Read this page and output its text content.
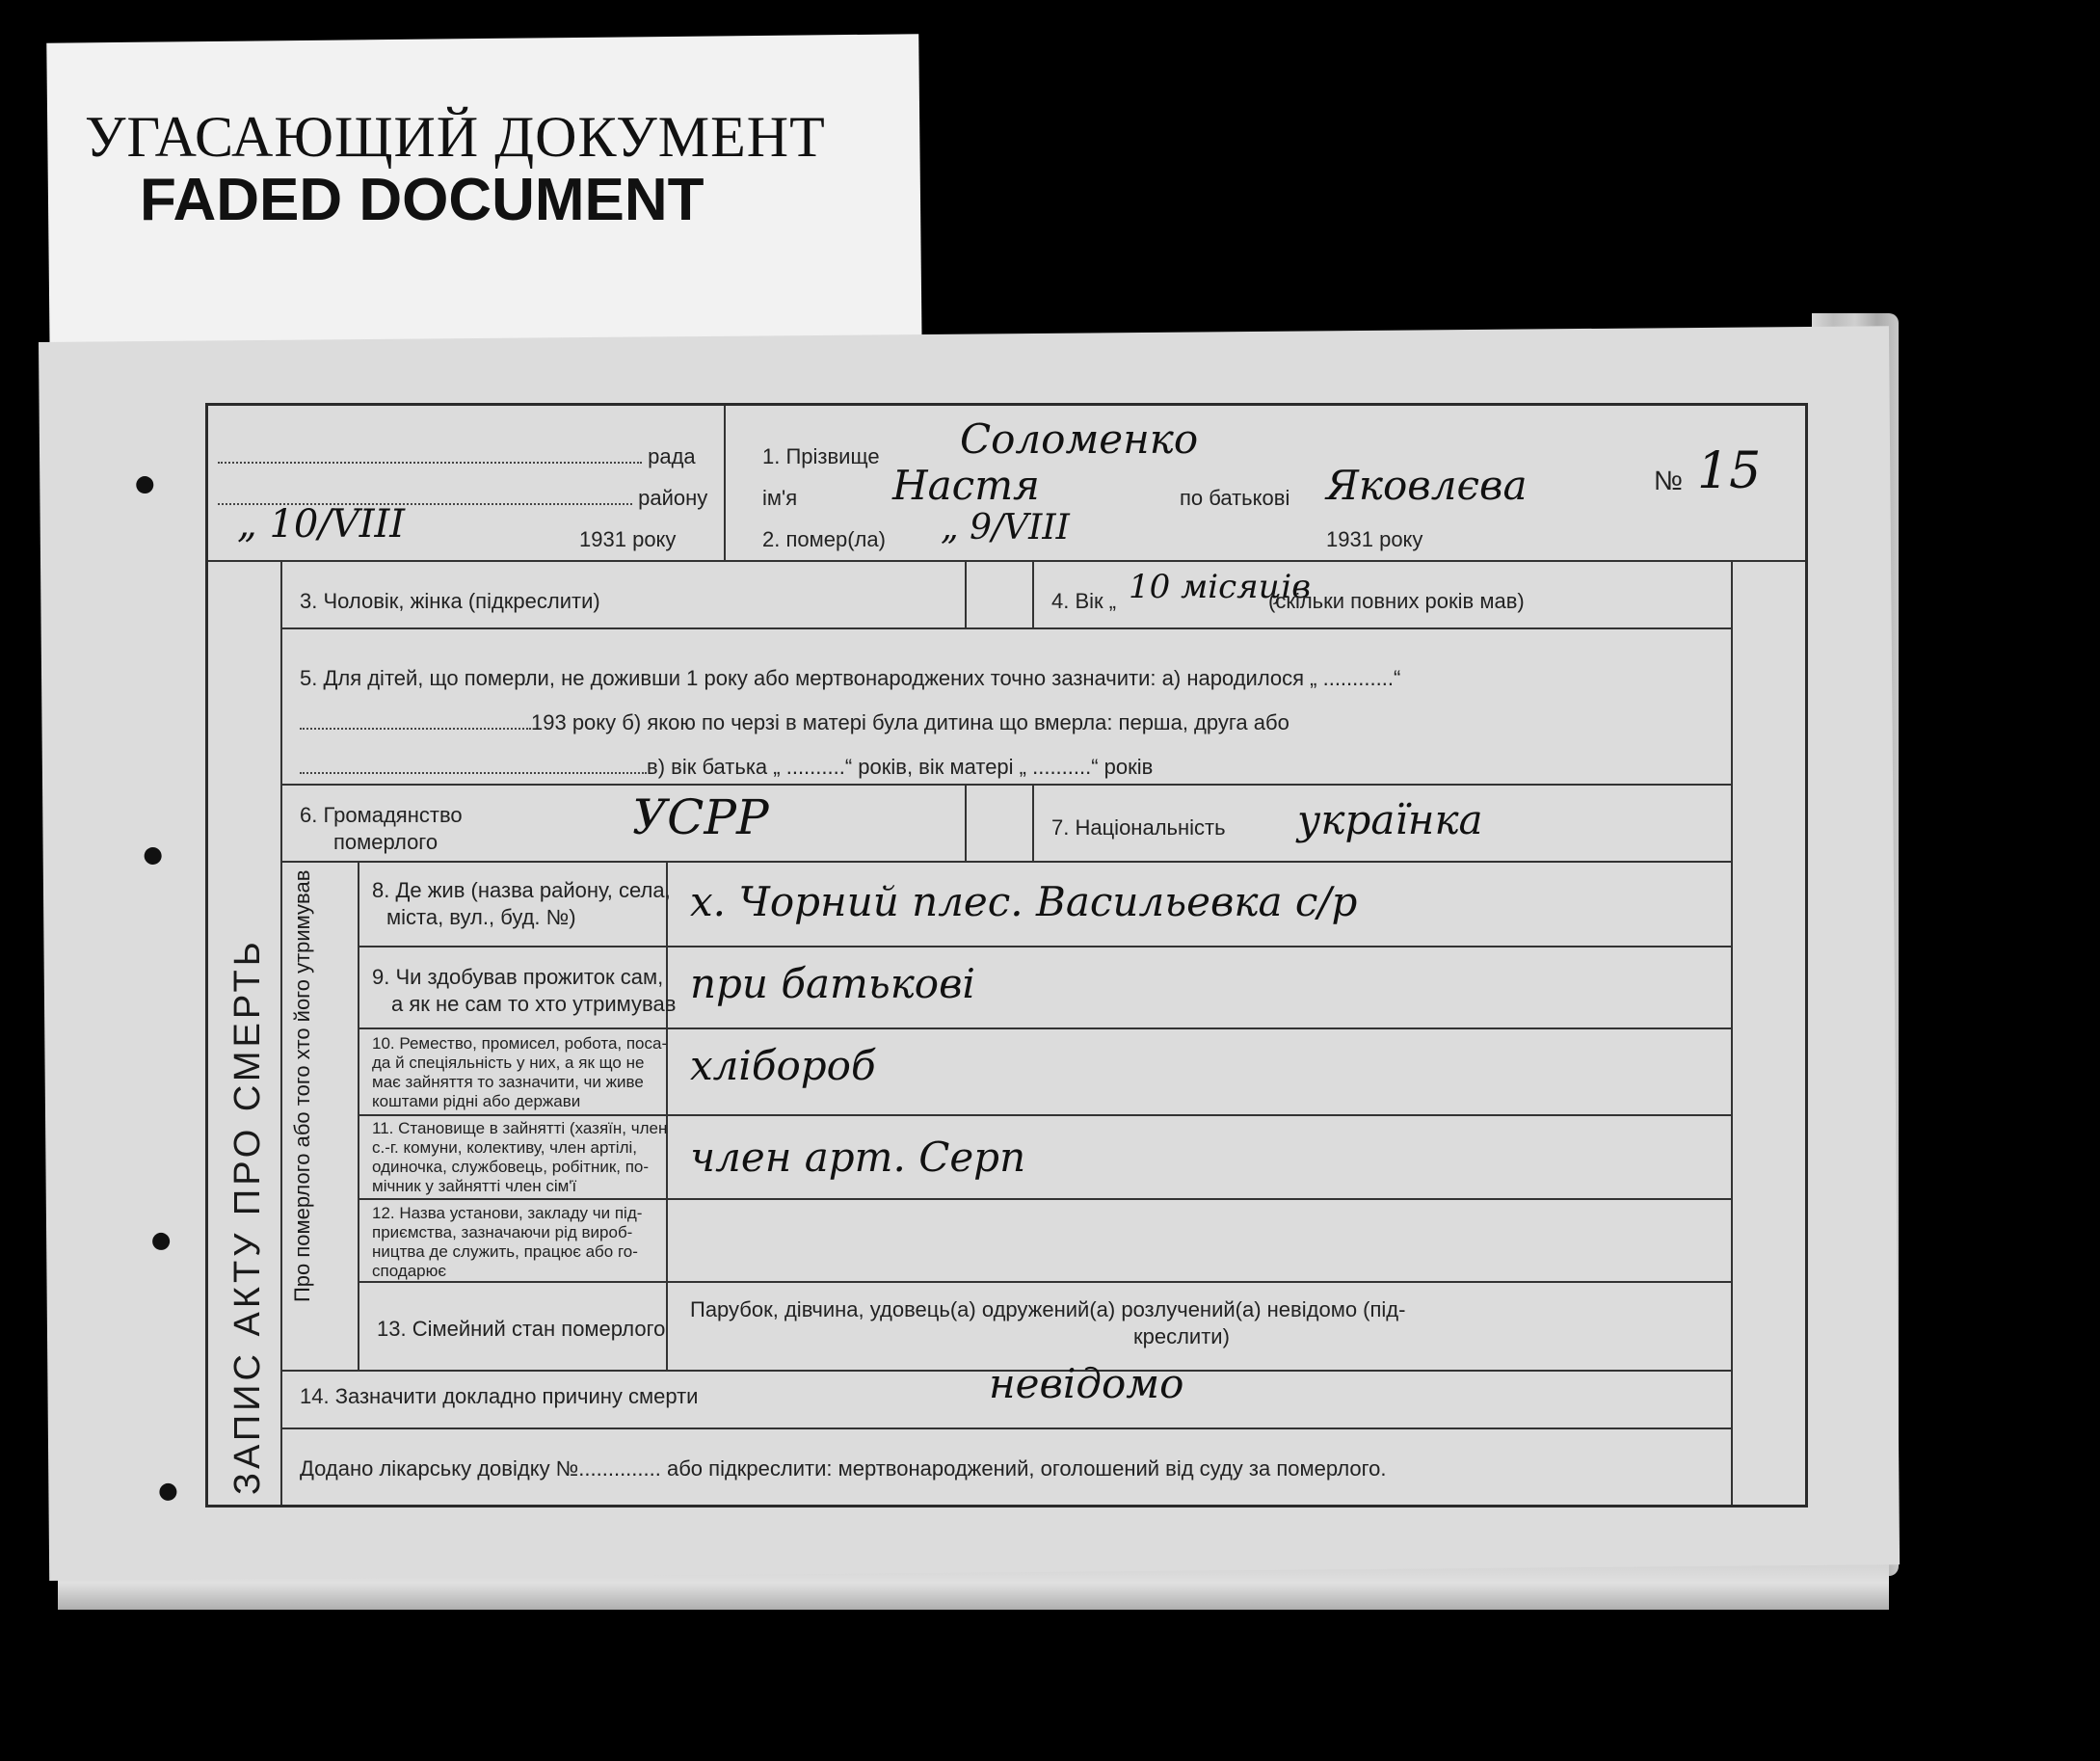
УГАСАЮЩИЙ ДОКУМЕНТ
FADED DOCUMENT
рада
району
„ 10/VIII	1931 року
1. Прізвище Соломенко
ім'я Настя	по батькові Яковлєва
2. помер(ла) „ 9/VIII	1931 року
№ 15
ЗАПИС АКТУ ПРО СМЕРТЬ
3. Чоловік, жінка (підкреслити)	4. Вік „ 10 місяців
(скільки повних років мав)
5. Для дітей, що померли, не доживши 1 року або мертвонароджених точно зазначити: а) народилося „ ............“
193 року б) якою по черзі в матері була дитина що вмерла: перша, друга або
в) вік батька „ ..........“ років, вік матері „ ..........“ років
6. Громадянство
померлого	УСРР	7. Національність українка
8. Де жив (назва району, села,
міста, вул., буд. №)	х. Чорний плес. Васильевка с/р
9. Чи здобував прожиток сам,
а як не сам то хто утримував при батькові
10. Ремество, промисел, робота, поса-
да й спеціяльність у них, а як що не
має зайняття то зазначити, чи живе
коштами рідні або держави
хлібороб
11. Становище в зайнятті (хазяїн, член
с.-г. комуни, колективу, член артілі,
одиночка, службовець, робітник, по-
мічник у зайнятті член сім'ї
член арт. Серп
12. Назва установи, закладу чи під-
приємства, зазначаючи рід вироб-
ництва де служить, працює або го-
сподарює
13. Сімейний стан померлого
Парубок, дівчина, удовець(а) одружений(а) розлучений(а) невідомо (під-
креслити)
Про померлого або того хто його утримував
14. Зазначити докладно причину смерти	невідомо
Додано лікарську довідку №.............. або підкреслити: мертвонароджений, оголошений від суду за померлого.
